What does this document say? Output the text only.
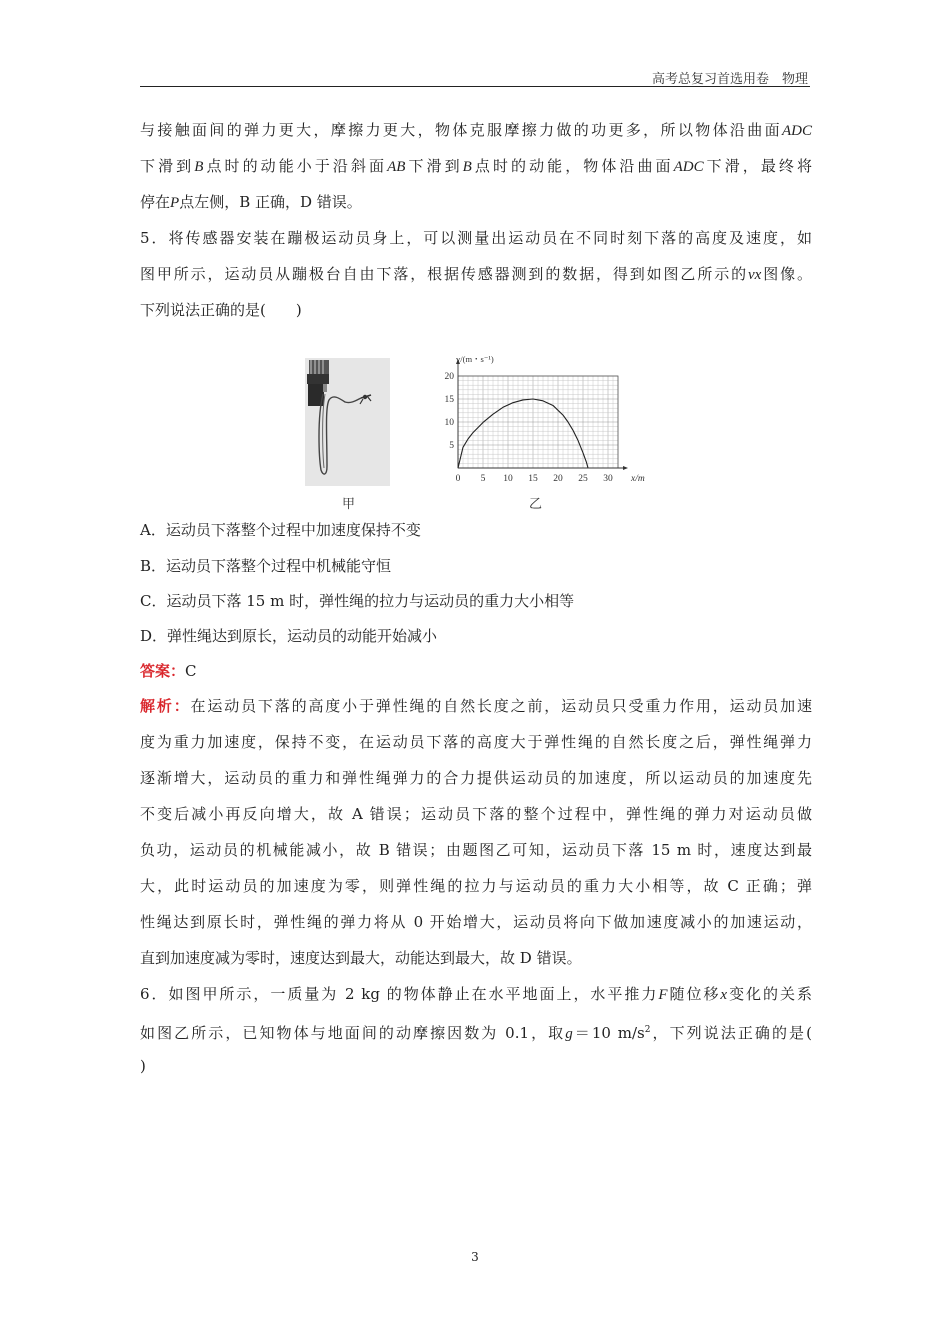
高考总复习首选用卷　物理
与接触面间的弹力更大，摩擦力更大，物体克服摩擦力做的功更多，所以物体沿曲面ADC
下滑到B点时的动能小于沿斜面AB下滑到B点时的动能，物体沿曲面ADC下滑，最终将
停在P点左侧，B 正确，D 错误。
5．将传感器安装在蹦极运动员身上，可以测量出运动员在不同时刻下落的高度及速度，如
图甲所示，运动员从蹦极台自由下落，根据传感器测到的数据，得到如图乙所示的vx图像。
下列说法正确的是(　　)
A．运动员下落整个过程中加速度保持不变
B．运动员下落整个过程中机械能守恒
C．运动员下落 15 m 时，弹性绳的拉力与运动员的重力大小相等
D．弹性绳达到原长，运动员的动能开始减小
答案：C
解析：在运动员下落的高度小于弹性绳的自然长度之前，运动员只受重力作用，运动员加速
度为重力加速度，保持不变，在运动员下落的高度大于弹性绳的自然长度之后，弹性绳弹力
逐渐增大，运动员的重力和弹性绳弹力的合力提供运动员的加速度，所以运动员的加速度先
不变后减小再反向增大，故 A 错误；运动员下落的整个过程中，弹性绳的弹力对运动员做
负功，运动员的机械能减小，故 B 错误；由题图乙可知，运动员下落 15 m 时，速度达到最
大，此时运动员的加速度为零，则弹性绳的拉力与运动员的重力大小相等，故 C 正确；弹
性绳达到原长时，弹性绳的弹力将从 0 开始增大，运动员将向下做加速度减小的加速运动，
直到加速度减为零时，速度达到最大，动能达到最大，故 D 错误。
6．如图甲所示，一质量为 2 kg 的物体静止在水平地面上，水平推力F随位移x变化的关系
如图乙所示，已知物体与地面间的动摩擦因数为 0.1，取g＝10 $m/s^2$，下列说法正确的是(
)
甲
0 5 10 15 20 25 30
5
10
15
20
x/m
v/(m・s⁻¹)
乙
3
